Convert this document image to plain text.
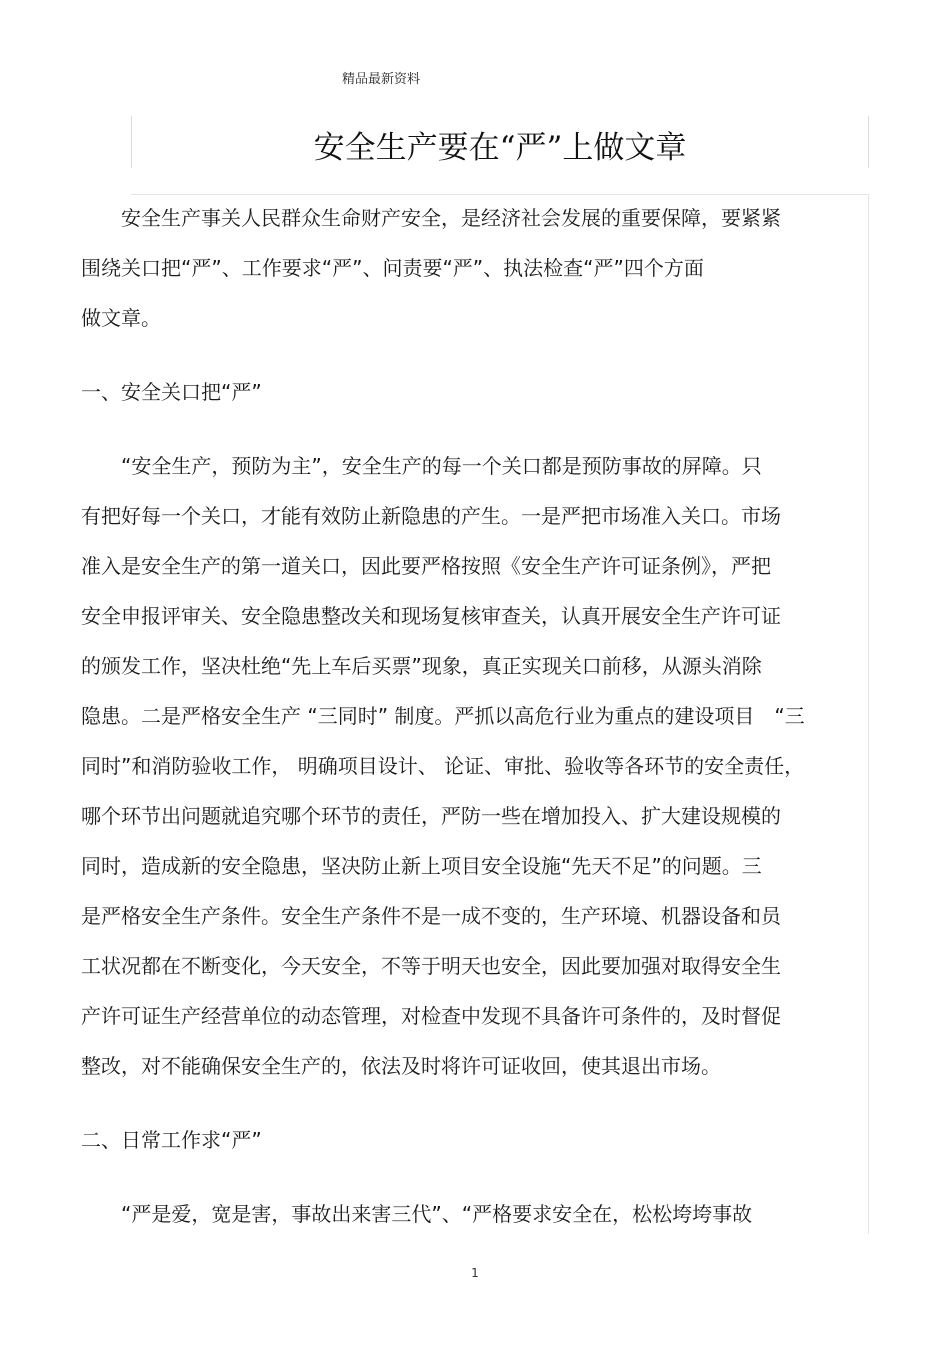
精品最新资料
安全生产要在“严”上做文章
安全生产事关人民群众生命财产安全，是经济社会发展的重要保障，要紧紧
围绕关口把“严”、工作要求“严”、问责要“严”、执法检查“严”四个方面
做文章。
一、安全关口把“严”
“安全生产，预防为主”，安全生产的每一个关口都是预防事故的屏障。只
有把好每一个关口，才能有效防止新隐患的产生。一是严把市场准入关口。市场
准入是安全生产的第一道关口，因此要严格按照《安全生产许可证条例》，严把
安全申报评审关、安全隐患整改关和现场复核审查关，认真开展安全生产许可证
的颁发工作，坚决杜绝“先上车后买票”现象，真正实现关口前移，从源头消除
隐患。二是严格安全生产 “三同时” 制度。严抓以高危行业为重点的建设项目　“三
同时”和消防验收工作， 明确项目设计、 论证、审批、验收等各环节的安全责任，
哪个环节出问题就追究哪个环节的责任，严防一些在增加投入、扩大建设规模的
同时，造成新的安全隐患，坚决防止新上项目安全设施“先天不足”的问题。三
是严格安全生产条件。安全生产条件不是一成不变的，生产环境、机器设备和员
工状况都在不断变化，今天安全，不等于明天也安全，因此要加强对取得安全生
产许可证生产经营单位的动态管理，对检查中发现不具备许可条件的，及时督促
整改，对不能确保安全生产的，依法及时将许可证收回，使其退出市场。
二、日常工作求“严”
“严是爱，宽是害，事故出来害三代”、“严格要求安全在，松松垮垮事故
1
